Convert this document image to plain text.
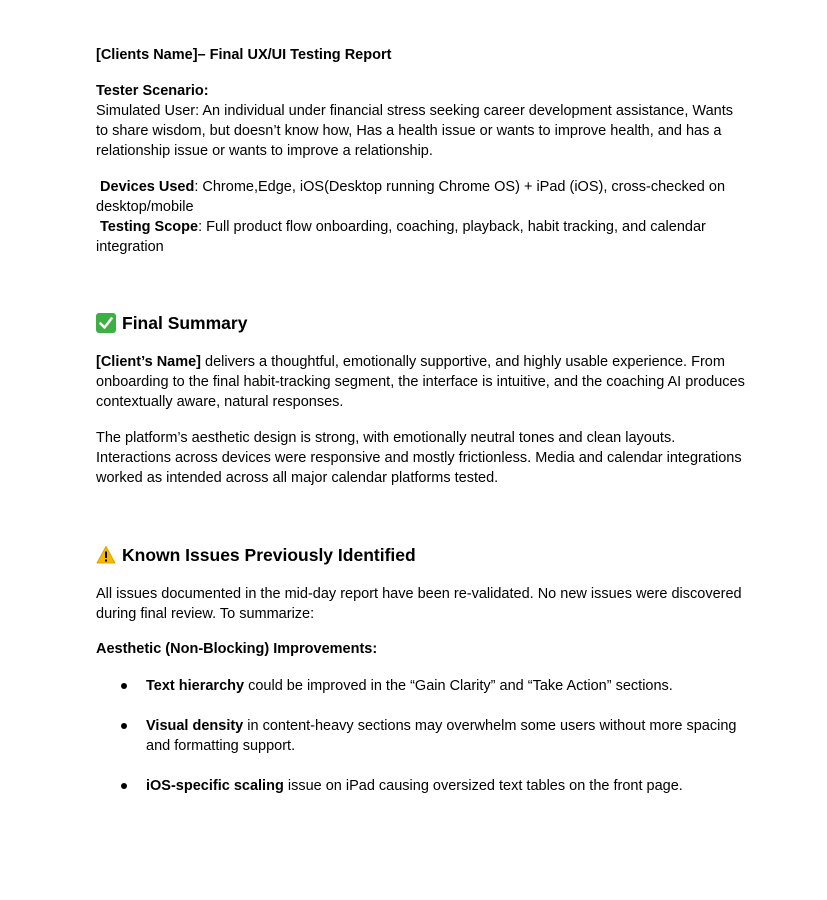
[Clients Name]– Final UX/UI Testing Report
Tester Scenario:
Simulated User: An individual under financial stress seeking career development assistance, Wants to share wisdom, but doesn’t know how, Has a health issue or wants to improve health, and has a relationship issue or wants to improve a relationship.
Devices Used: Chrome,Edge, iOS(Desktop running Chrome OS) + iPad (iOS), cross-checked on desktop/mobile
Testing Scope: Full product flow onboarding, coaching, playback, habit tracking, and calendar integration
Final Summary
[Client’s Name] delivers a thoughtful, emotionally supportive, and highly usable experience. From onboarding to the final habit-tracking segment, the interface is intuitive, and the coaching AI produces contextually aware, natural responses.
The platform’s aesthetic design is strong, with emotionally neutral tones and clean layouts. Interactions across devices were responsive and mostly frictionless. Media and calendar integrations worked as intended across all major calendar platforms tested.
Known Issues Previously Identified
All issues documented in the mid-day report have been re-validated. No new issues were discovered during final review. To summarize:
Aesthetic (Non-Blocking) Improvements:
Text hierarchy could be improved in the “Gain Clarity” and “Take Action” sections.
Visual density in content-heavy sections may overwhelm some users without more spacing and formatting support.
iOS-specific scaling issue on iPad causing oversized text tables on the front page.
